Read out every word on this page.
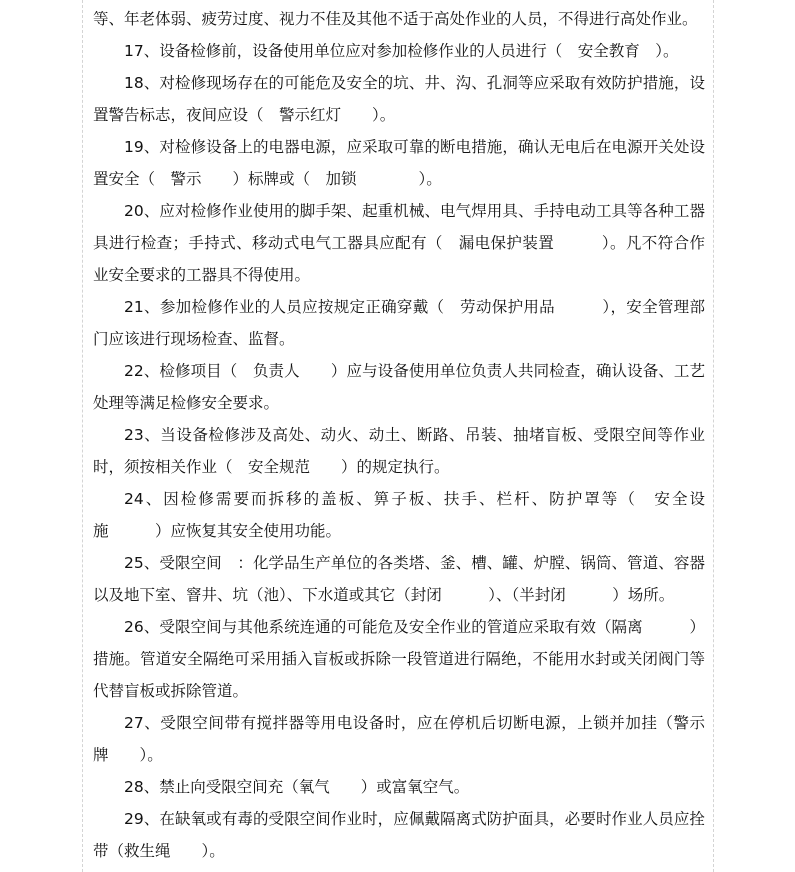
等、年老体弱、疲劳过度、视力不佳及其他不适于高处作业的人员，不得进行高处作业。

17、设备检修前，设备使用单位应对参加检修作业的人员进行（　安全教育　）。

18、对检修现场存在的可能危及安全的坑、井、沟、孔洞等应采取有效防护措施，设置警告标志，夜间应设（　警示红灯　　）。

19、对检修设备上的电器电源，应采取可靠的断电措施，确认无电后在电源开关处设置安全（　警示　　）标牌或（　加锁　　　　）。

20、应对检修作业使用的脚手架、起重机械、电气焊用具、手持电动工具等各种工器具进行检查；手持式、移动式电气工器具应配有（　漏电保护装置　　　）。凡不符合作业安全要求的工器具不得使用。

21、参加检修作业的人员应按规定正确穿戴（　劳动保护用品　　　），安全管理部门应该进行现场检查、监督。

22、检修项目（　负责人　　）应与设备使用单位负责人共同检查，确认设备、工艺处理等满足检修安全要求。

23、当设备检修涉及高处、动火、动土、断路、吊装、抽堵盲板、受限空间等作业时，须按相关作业（　安全规范　　）的规定执行。

24、因检修需要而拆移的盖板、箅子板、扶手、栏杆、防护罩等（　安全设施　　　）应恢复其安全使用功能。

25、受限空间　：化学品生产单位的各类塔、釜、槽、罐、炉膛、锅筒、管道、容器以及地下室、窨井、坑（池）、下水道或其它（封闭　　　）、（半封闭　　　）场所。

26、受限空间与其他系统连通的可能危及安全作业的管道应采取有效（隔离　　　）措施。管道安全隔绝可采用插入盲板或拆除一段管道进行隔绝，不能用水封或关闭阀门等代替盲板或拆除管道。

27、受限空间带有搅拌器等用电设备时，应在停机后切断电源，上锁并加挂（警示牌　　）。

28、禁止向受限空间充（氧气　　）或富氧空气。

29、在缺氧或有毒的受限空间作业时，应佩戴隔离式防护面具，必要时作业人员应拴带（救生绳　　）。
